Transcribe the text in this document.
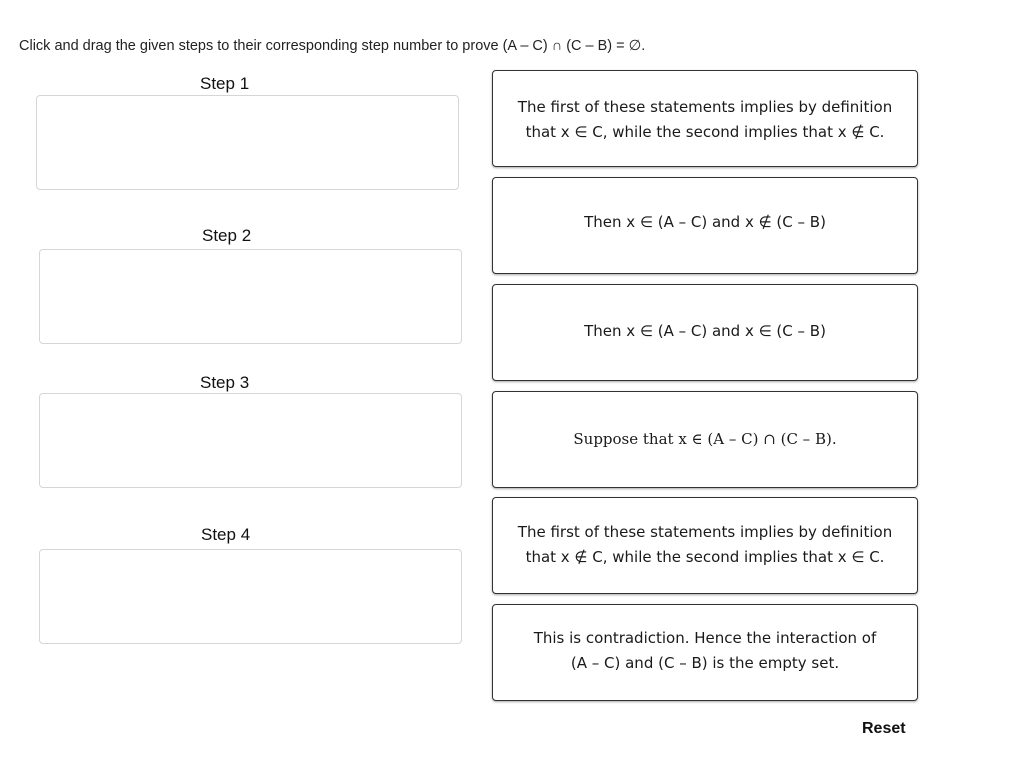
Click and drag the given steps to their corresponding step number to prove (A – C) ∩ (C – B) = ∅.
Step 1
Step 2
Step 3
Step 4
The first of these statements implies by definition
that x ∈ C, while the second implies that x ∉ C.
Then x ∈ (A – C) and x ∉ (C – B)
Then x ∈ (A – C) and x ∈ (C – B)
Suppose that x ∈ (A – C) ∩ (C – B).
The first of these statements implies by definition
that x ∉ C, while the second implies that x ∈ C.
This is contradiction. Hence the interaction of
(A – C) and (C – B) is the empty set.
Reset
